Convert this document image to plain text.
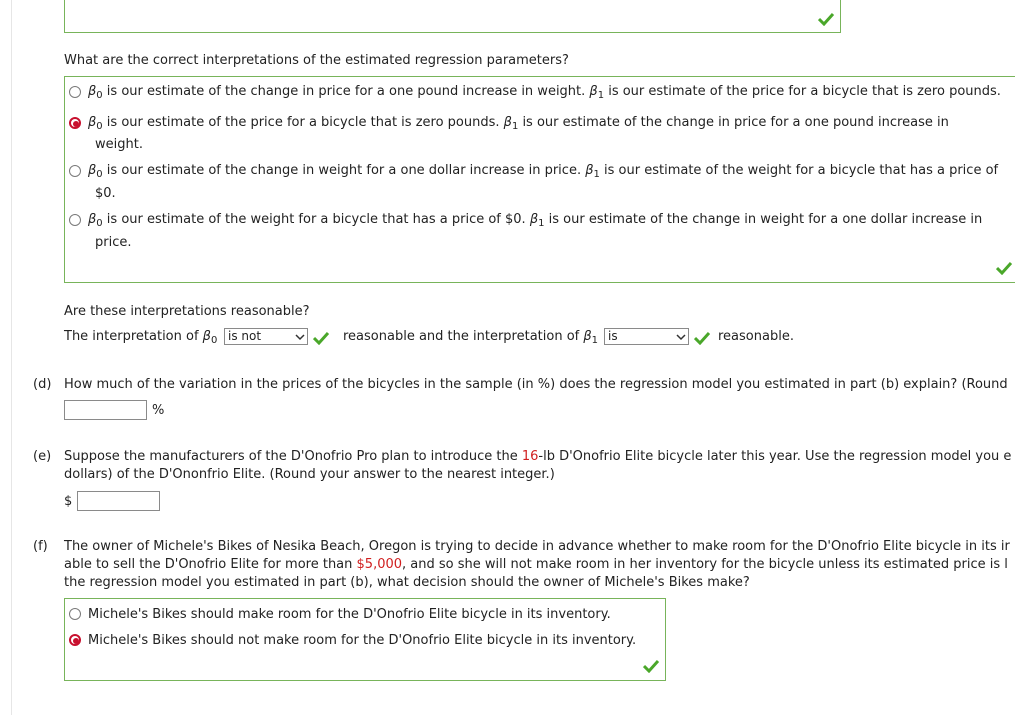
What are the correct interpretations of the estimated regression parameters?
$\beta_0$ is our estimate of the change in price for a one pound increase in weight. $\beta_1$ is our estimate of the price for a bicycle that is zero pounds.
$\beta_0$ is our estimate of the price for a bicycle that is zero pounds. $\beta_1$ is our estimate of the change in price for a one pound increase in
weight.
$\beta_0$ is our estimate of the change in weight for a one dollar increase in price. $\beta_1$ is our estimate of the weight for a bicycle that has a price of
$0.
$\beta_0$ is our estimate of the weight for a bicycle that has a price of $0. $\beta_1$ is our estimate of the change in weight for a one dollar increase in
price.
Are these interpretations reasonable?
The interpretation of $\beta_0$ is not	reasonable and the interpretation of $\beta_1$ is	reasonable.
(d) How much of the variation in the prices of the bicycles in the sample (in %) does the regression model you estimated in part (b) explain? (Round
%
(e) Suppose the manufacturers of the D'Onofrio Pro plan to introduce the 16-lb D'Onofrio Elite bicycle later this year. Use the regression model you e
dollars) of the D'Ononfrio Elite. (Round your answer to the nearest integer.)
$
(f) The owner of Michele's Bikes of Nesika Beach, Oregon is trying to decide in advance whether to make room for the D'Onofrio Elite bicycle in its ir
able to sell the D'Onofrio Elite for more than $5,000, and so she will not make room in her inventory for the bicycle unless its estimated price is l
the regression model you estimated in part (b), what decision should the owner of Michele's Bikes make?
Michele's Bikes should make room for the D'Onofrio Elite bicycle in its inventory.
Michele's Bikes should not make room for the D'Onofrio Elite bicycle in its inventory.
